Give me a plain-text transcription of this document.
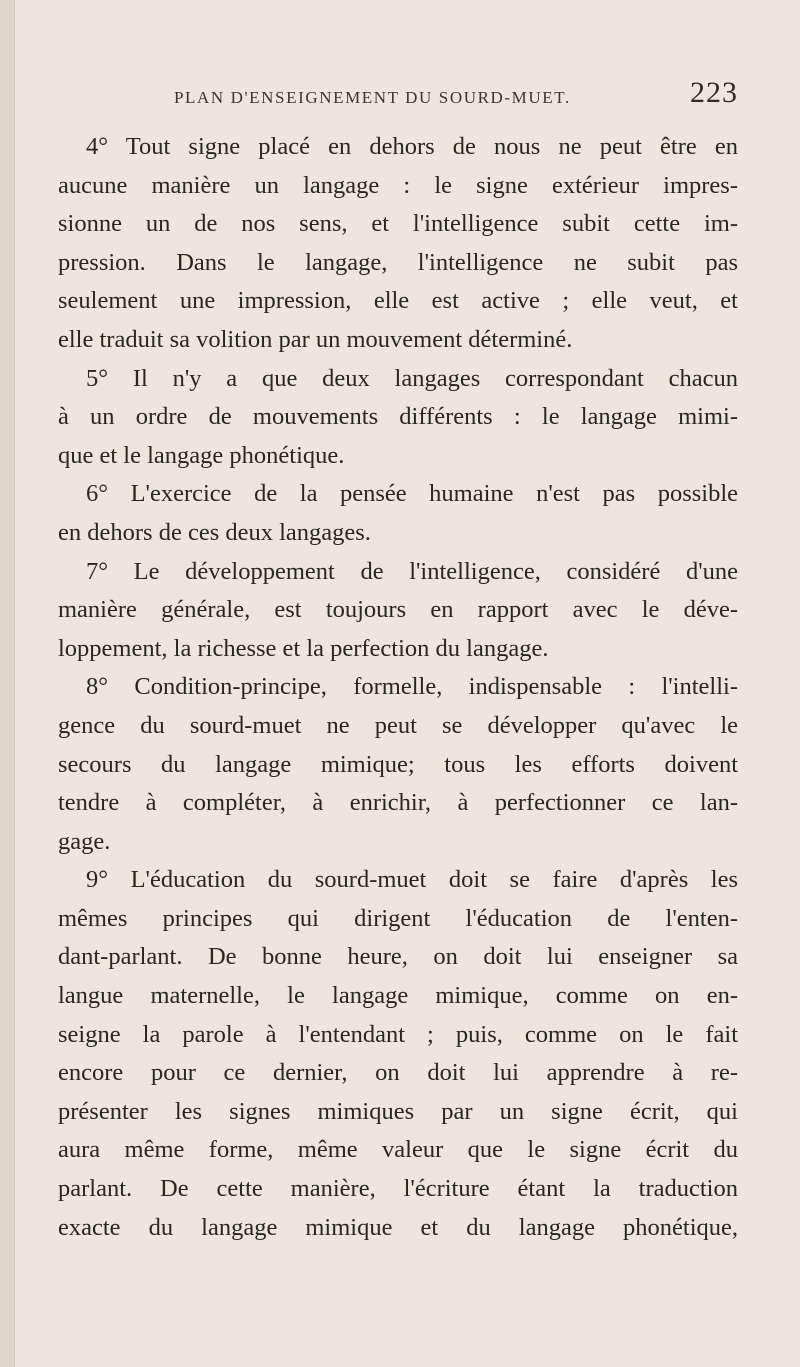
PLAN D'ENSEIGNEMENT DU SOURD-MUET.	223
4° Tout signe placé en dehors de nous ne peut être en
aucune manière un langage : le signe extérieur impres-
sionne un de nos sens, et l'intelligence subit cette im-
pression. Dans le langage, l'intelligence ne subit pas
seulement une impression, elle est active ; elle veut, et
elle traduit sa volition par un mouvement déterminé.
5° Il n'y a que deux langages correspondant chacun
à un ordre de mouvements différents : le langage mimi-
que et le langage phonétique.
6° L'exercice de la pensée humaine n'est pas possible
en dehors de ces deux langages.
7° Le développement de l'intelligence, considéré d'une
manière générale, est toujours en rapport avec le déve-
loppement, la richesse et la perfection du langage.
8° Condition-principe, formelle, indispensable : l'intelli-
gence du sourd-muet ne peut se développer qu'avec le
secours du langage mimique; tous les efforts doivent
tendre à compléter, à enrichir, à perfectionner ce lan-
gage.
9° L'éducation du sourd-muet doit se faire d'après les
mêmes principes qui dirigent l'éducation de l'enten-
dant-parlant. De bonne heure, on doit lui enseigner sa
langue maternelle, le langage mimique, comme on en-
seigne la parole à l'entendant ; puis, comme on le fait
encore pour ce dernier, on doit lui apprendre à re-
présenter les signes mimiques par un signe écrit, qui
aura même forme, même valeur que le signe écrit du
parlant. De cette manière, l'écriture étant la traduction
exacte du langage mimique et du langage phonétique,
